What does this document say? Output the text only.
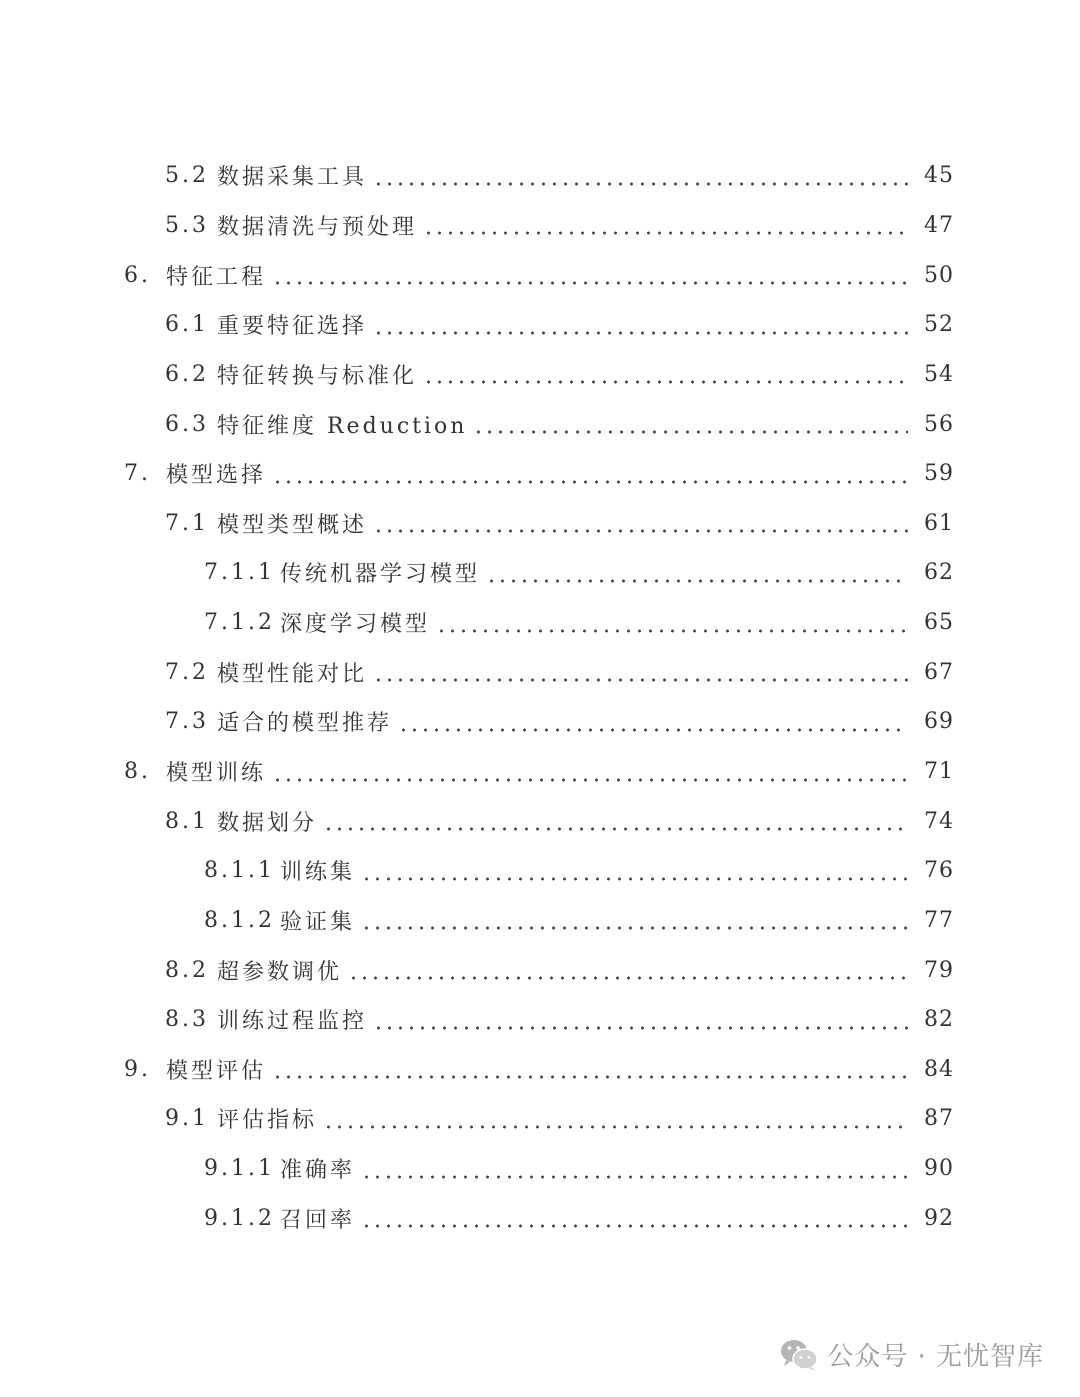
5.2 数据采集工具	45
5.3 数据清洗与预处理	47
6. 特征工程	50
6.1 重要特征选择	52
6.2 特征转换与标准化	54
6.3 特征维度 Reduction	56
7. 模型选择	59
7.1 模型类型概述	61
7.1.1 传统机器学习模型	62
7.1.2 深度学习模型	65
7.2 模型性能对比	67
7.3 适合的模型推荐	69
8. 模型训练	71
8.1 数据划分	74
8.1.1 训练集	76
8.1.2 验证集	77
8.2 超参数调优	79
8.3 训练过程监控	82
9. 模型评估	84
9.1 评估指标	87
9.1.1 准确率	90
9.1.2 召回率	92
公众号 · 无忧智库
